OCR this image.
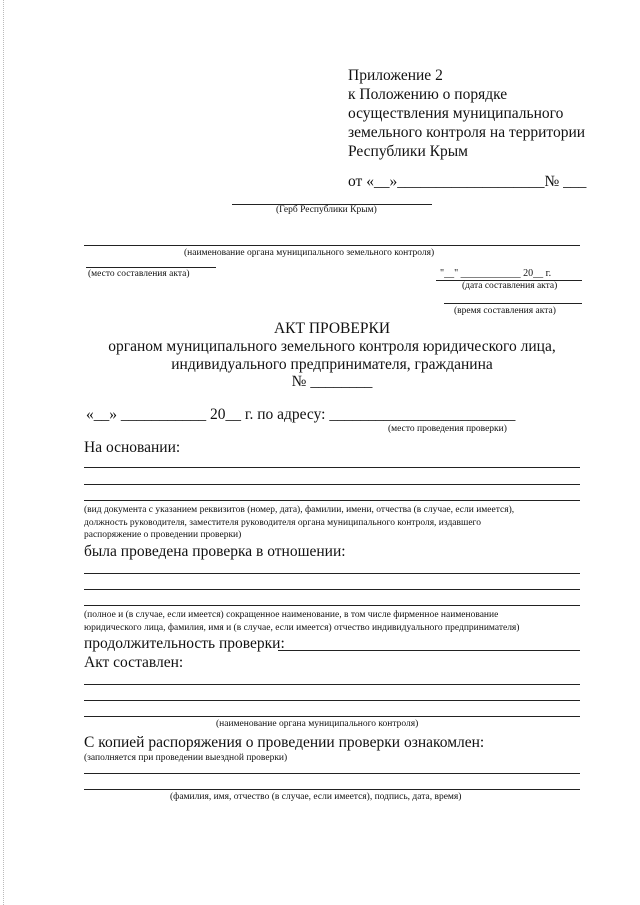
Приложение 2
к Положению о порядке
осуществления муниципального
земельного контроля на территории
Республики Крым
от «__»___________________№ ___
(Герб Республики Крым)
(наименование органа муниципального земельного контроля)
(место составления акта)	"__" ____________ 20__ г.
(дата составления акта)
(время составления акта)
АКТ ПРОВЕРКИ
органом муниципального земельного контроля юридического лица,
индивидуального предпринимателя, гражданина
№ ________
«__» ___________ 20__ г. по адресу: ________________________
(место проведения проверки)
На основании:
(вид документа с указанием реквизитов (номер, дата), фамилии, имени, отчества (в случае, если имеется),
должность руководителя, заместителя руководителя органа муниципального контроля, издавшего
распоряжение о проведении проверки)
была проведена проверка в отношении:
(полное и (в случае, если имеется) сокращенное наименование, в том числе фирменное наименование
юридического лица, фамилия, имя и (в случае, если имеется) отчество индивидуального предпринимателя)
продолжительность проверки:
Акт составлен:
(наименование органа муниципального контроля)
С копией распоряжения о проведении проверки ознакомлен:
(заполняется при проведении выездной проверки)
(фамилия, имя, отчество (в случае, если имеется), подпись, дата, время)
